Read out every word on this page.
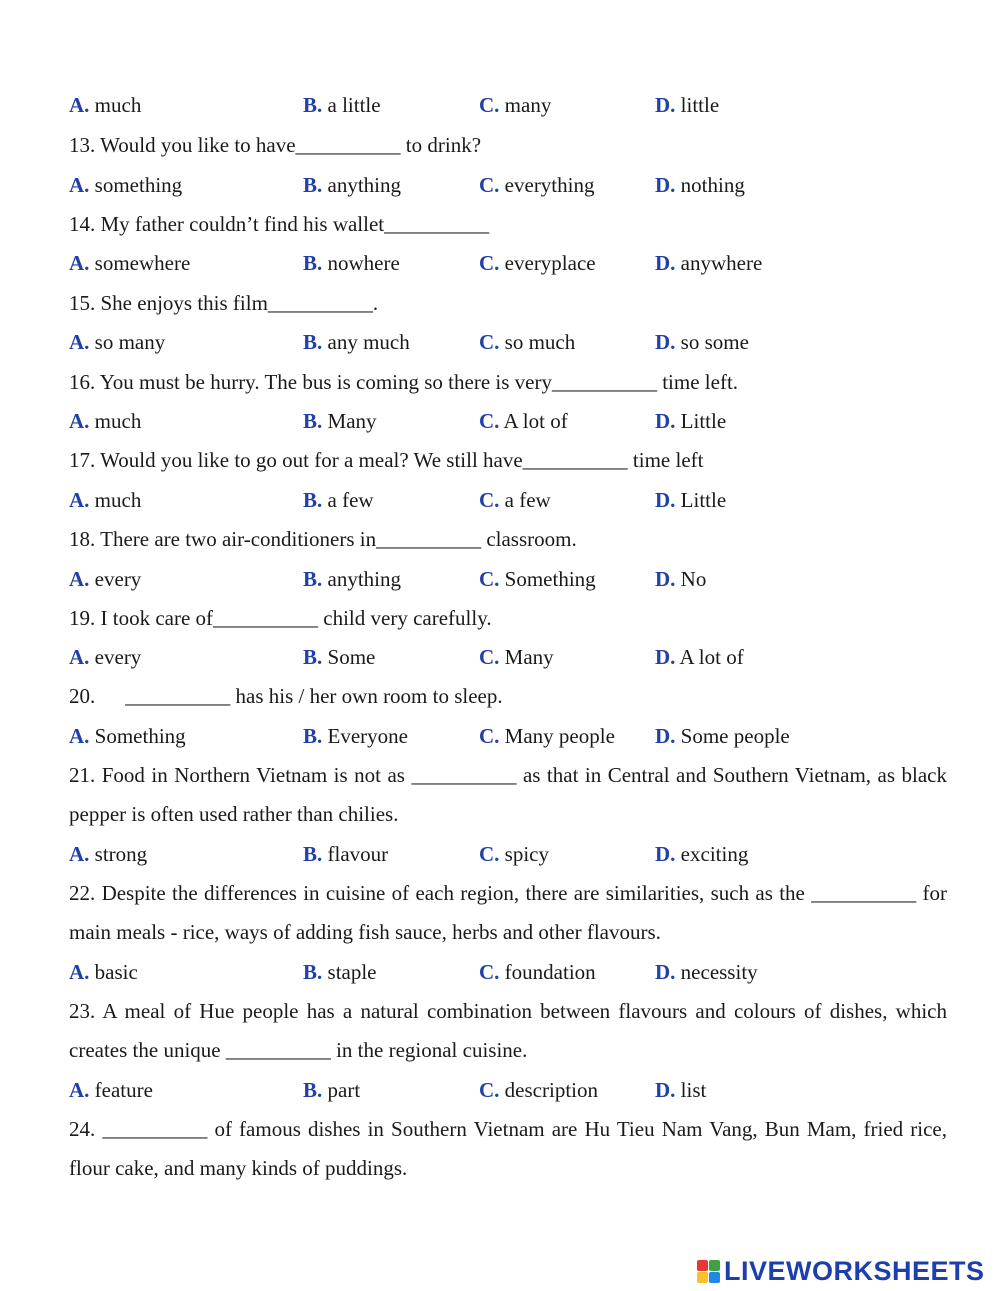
A. much	B. a little	C. many	D. little
13. Would you like to have__________ to drink?
A. something	B. anything	C. everything	D. nothing
14. My father couldn’t find his wallet__________
A. somewhere	B. nowhere	C. everyplace	D. anywhere
15. She enjoys this film__________.
A. so many	B. any much	C. so much	D. so some
16. You must be hurry. The bus is coming so there is very__________ time left.
A. much	B. Many	C. A lot of	D. Little
17. Would you like to go out for a meal? We still have__________ time left
A. much	B. a few	C. a few	D. Little
18. There are two air-conditioners in__________ classroom.
A. every	B. anything	C. Something	D. No
19. I took care of__________ child very carefully.
A. every	B. Some	C. Many	D. A lot of
20. __________ has his / her own room to sleep.
A. Something	B. Everyone	C. Many people D. Some people
21. Food in Northern Vietnam is not as __________ as that in Central and Southern Vietnam, as black pepper is often used rather than chilies.
A. strong	B. flavour	C. spicy	D. exciting
22. Despite the differences in cuisine of each region, there are similarities, such as the __________ for main meals - rice, ways of adding fish sauce, herbs and other flavours.
A. basic	B. staple	C. foundation	D. necessity
23. A meal of Hue people has a natural combination between flavours and colours of dishes, which creates the unique __________ in the regional cuisine.
A. feature	B. part	C. description	D. list
24. __________ of famous dishes in Southern Vietnam are Hu Tieu Nam Vang, Bun Mam, fried rice, flour cake, and many kinds of puddings.
LIVEWORKSHEETS
